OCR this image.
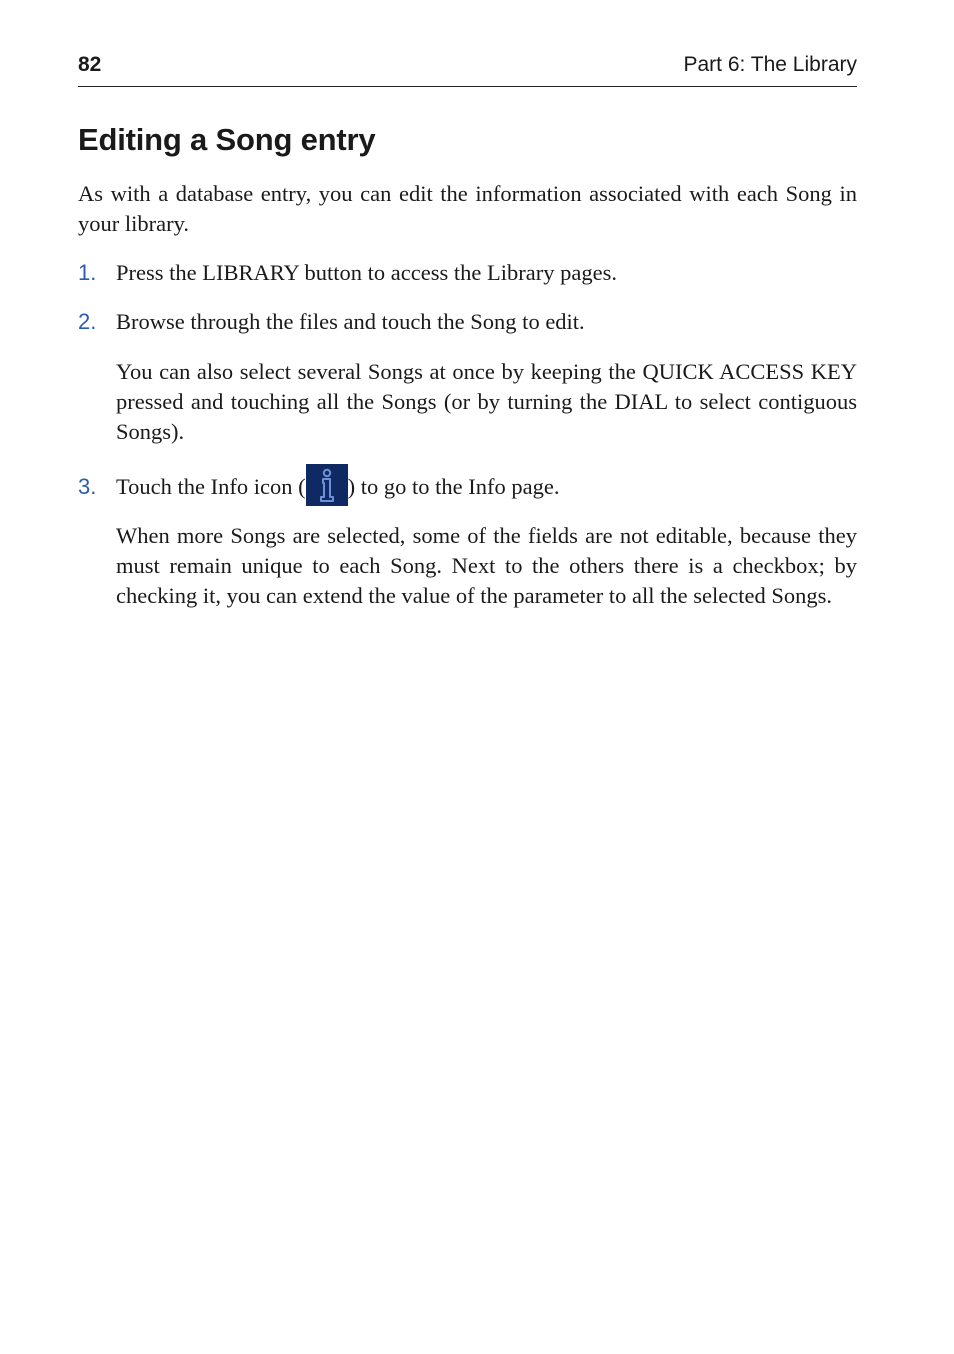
82	Part 6: The Library
Editing a Song entry

As with a database entry, you can edit the information associated with each Song in your library.

1. Press the LIBRARY button to access the Library pages.
2. Browse through the files and touch the Song to edit.

You can also select several Songs at once by keeping the QUICK ACCESS KEY pressed and touching all the Songs (or by turning the DIAL to select contiguous Songs).

3. Touch the Info icon ( ) to go to the Info page.

When more Songs are selected, some of the fields are not editable, because they must remain unique to each Song. Next to the others there is a checkbox; by checking it, you can extend the value of the parameter to all the selected Songs.
